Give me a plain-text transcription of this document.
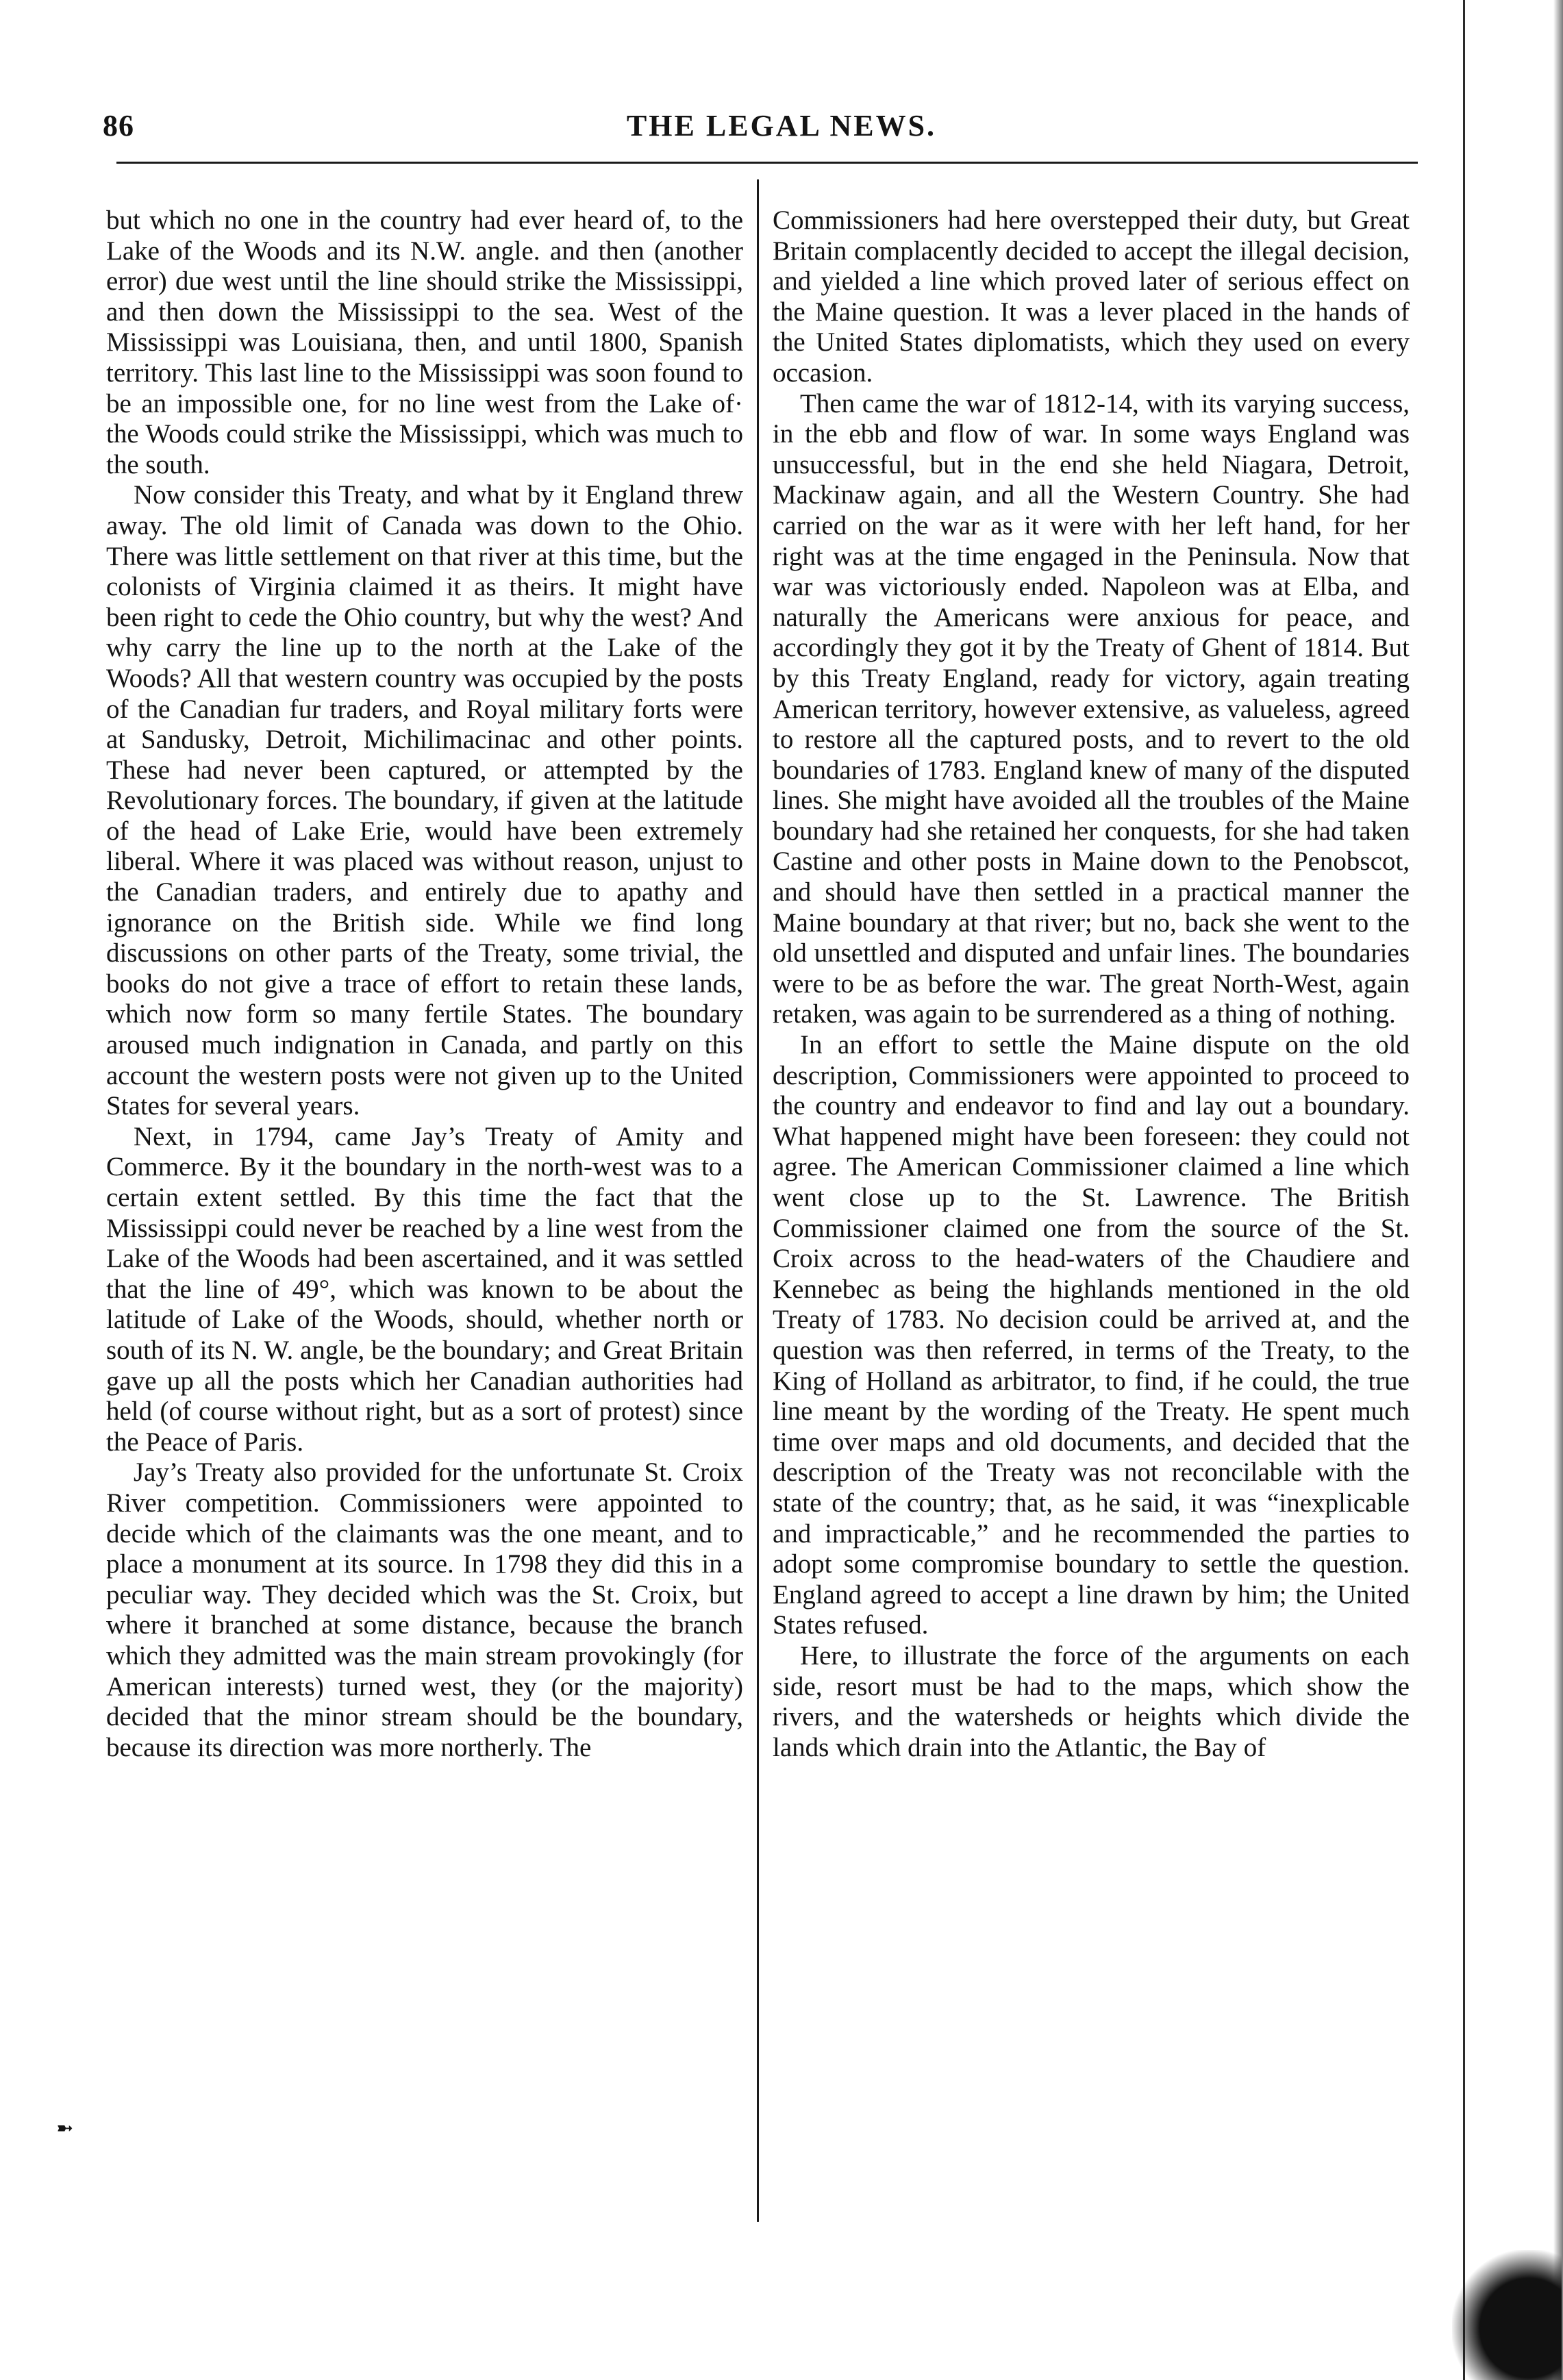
86	THE LEGAL NEWS.
➼

but which no one in the country had ever heard of, to the Lake of the Woods and its N.W. angle. and then (another error) due west until the line should strike the Mississippi, and then down the Mississippi to the sea. West of the Mississippi was Louisiana, then, and until 1800, Spanish territory. This last line to the Mississippi was soon found to be an impossible one, for no line west from the Lake of· the Woods could strike the Mississippi, which was much to the south.

Now consider this Treaty, and what by it England threw away. The old limit of Canada was down to the Ohio. There was little settlement on that river at this time, but the colonists of Virginia claimed it as theirs. It might have been right to cede the Ohio country, but why the west? And why carry the line up to the north at the Lake of the Woods? All that western country was occupied by the posts of the Canadian fur traders, and Royal military forts were at Sandusky, Detroit, Michilimacinac and other points. These had never been captured, or attempted by the Revolutionary forces. The boundary, if given at the latitude of the head of Lake Erie, would have been extremely liberal. Where it was placed was without reason, unjust to the Canadian traders, and entirely due to apathy and ignorance on the British side. While we find long discussions on other parts of the Treaty, some trivial, the books do not give a trace of effort to retain these lands, which now form so many fertile States. The boundary aroused much indignation in Canada, and partly on this account the western posts were not given up to the United States for several years.

Next, in 1794, came Jay’s Treaty of Amity and Commerce. By it the boundary in the north-west was to a certain extent settled. By this time the fact that the Mississippi could never be reached by a line west from the Lake of the Woods had been ascertained, and it was settled that the line of 49°, which was known to be about the latitude of Lake of the Woods, should, whether north or south of its N. W. angle, be the boundary; and Great Britain gave up all the posts which her Canadian authorities had held (of course without right, but as a sort of protest) since the Peace of Paris.

Jay’s Treaty also provided for the unfortunate St. Croix River competition. Commissioners were appointed to decide which of the claimants was the one meant, and to place a monument at its source. In 1798 they did this in a peculiar way. They decided which was the St. Croix, but where it branched at some distance, because the branch which they admitted was the main stream provokingly (for American interests) turned west, they (or the majority) decided that the minor stream should be the boundary, because its direction was more northerly. The

Commissioners had here overstepped their duty, but Great Britain complacently decided to accept the illegal decision, and yielded a line which proved later of serious effect on the Maine question. It was a lever placed in the hands of the United States diplomatists, which they used on every occasion.

Then came the war of 1812-14, with its varying success, in the ebb and flow of war. In some ways England was unsuccessful, but in the end she held Niagara, Detroit, Mackinaw again, and all the Western Country. She had carried on the war as it were with her left hand, for her right was at the time engaged in the Peninsula. Now that war was victoriously ended. Napoleon was at Elba, and naturally the Americans were anxious for peace, and accordingly they got it by the Treaty of Ghent of 1814. But by this Treaty England, ready for victory, again treating American territory, however extensive, as valueless, agreed to restore all the captured posts, and to revert to the old boundaries of 1783. England knew of many of the disputed lines. She might have avoided all the troubles of the Maine boundary had she retained her conquests, for she had taken Castine and other posts in Maine down to the Penobscot, and should have then settled in a practical manner the Maine boundary at that river; but no, back she went to the old unsettled and disputed and unfair lines. The boundaries were to be as before the war. The great North-West, again retaken, was again to be surrendered as a thing of nothing.

In an effort to settle the Maine dispute on the old description, Commissioners were appointed to proceed to the country and endeavor to find and lay out a boundary. What happened might have been foreseen: they could not agree. The American Commissioner claimed a line which went close up to the St. Lawrence. The British Commissioner claimed one from the source of the St. Croix across to the head-waters of the Chaudiere and Kennebec as being the highlands mentioned in the old Treaty of 1783. No decision could be arrived at, and the question was then referred, in terms of the Treaty, to the King of Holland as arbitrator, to find, if he could, the true line meant by the wording of the Treaty. He spent much time over maps and old documents, and decided that the description of the Treaty was not reconcilable with the state of the country; that, as he said, it was “inexplicable and impracticable,” and he recommended the parties to adopt some compromise boundary to settle the question. England agreed to accept a line drawn by him; the United States refused.

Here, to illustrate the force of the arguments on each side, resort must be had to the maps, which show the rivers, and the watersheds or heights which divide the lands which drain into the Atlantic, the Bay of
